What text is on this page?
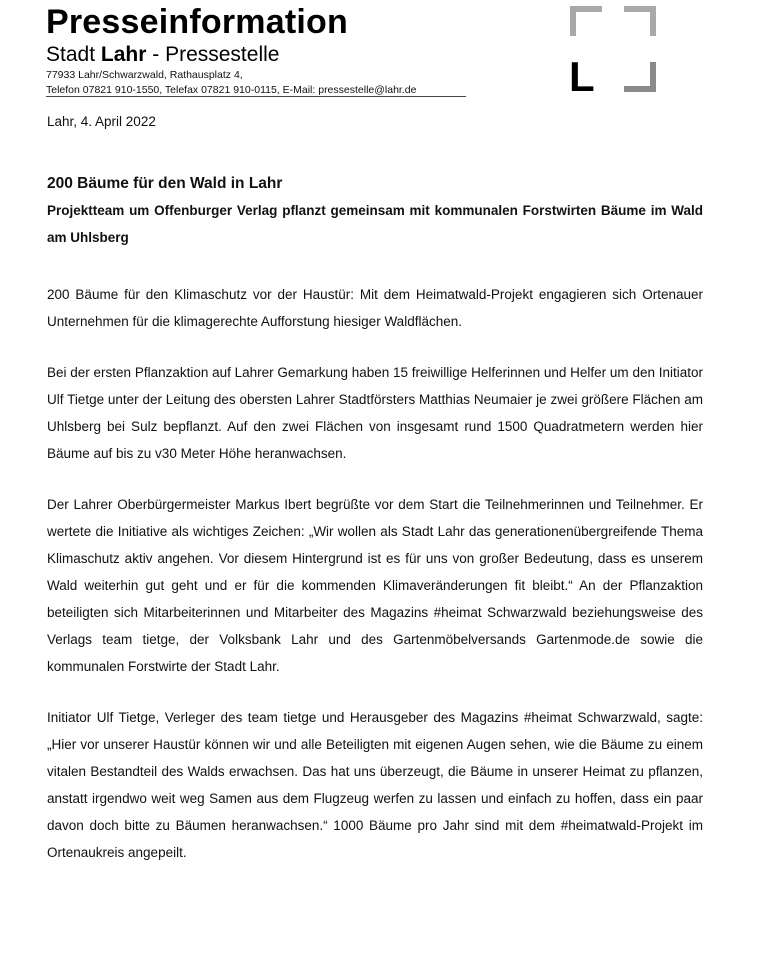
Presseinformation
Stadt Lahr - Pressestelle
77933 Lahr/Schwarzwald, Rathausplatz 4,
Telefon 07821 910-1550, Telefax 07821 910-0115, E-Mail: pressestelle@lahr.de	L
Lahr, 4. April 2022
200 Bäume für den Wald in Lahr
Projektteam um Offenburger Verlag pflanzt gemeinsam mit kommunalen Forstwirten Bäume im Wald am Uhlsberg

200 Bäume für den Klimaschutz vor der Haustür: Mit dem Heimatwald-Projekt engagieren sich Ortenauer Unternehmen für die klimagerechte Aufforstung hiesiger Waldflächen.

Bei der ersten Pflanzaktion auf Lahrer Gemarkung haben 15 freiwillige Helferinnen und Helfer um den Initiator Ulf Tietge unter der Leitung des obersten Lahrer Stadtförsters Matthias Neumaier je zwei größere Flächen am Uhlsberg bei Sulz bepflanzt. Auf den zwei Flächen von insgesamt rund 1500 Quadratmetern werden hier Bäume auf bis zu v30 Meter Höhe heranwachsen.

Der Lahrer Oberbürgermeister Markus Ibert begrüßte vor dem Start die Teilnehmerinnen und Teilnehmer. Er wertete die Initiative als wichtiges Zeichen: „Wir wollen als Stadt Lahr das generationenübergreifende Thema Klimaschutz aktiv angehen. Vor diesem Hintergrund ist es für uns von großer Bedeutung, dass es unserem Wald weiterhin gut geht und er für die kommenden Klimaveränderungen fit bleibt.“ An der Pflanzaktion beteiligten sich Mitarbeiterinnen und Mitarbeiter des Magazins #heimat Schwarzwald beziehungsweise des Verlags team tietge, der Volksbank Lahr und des Gartenmöbelversands Gartenmode.de sowie die kommunalen Forstwirte der Stadt Lahr.

Initiator Ulf Tietge, Verleger des team tietge und Herausgeber des Magazins #heimat Schwarzwald, sagte: „Hier vor unserer Haustür können wir und alle Beteiligten mit eigenen Augen sehen, wie die Bäume zu einem vitalen Bestandteil des Walds erwachsen. Das hat uns überzeugt, die Bäume in unserer Heimat zu pflanzen, anstatt irgendwo weit weg Samen aus dem Flugzeug werfen zu lassen und einfach zu hoffen, dass ein paar davon doch bitte zu Bäumen heranwachsen.“ 1000 Bäume pro Jahr sind mit dem #heimatwald-Projekt im Ortenaukreis angepeilt.
